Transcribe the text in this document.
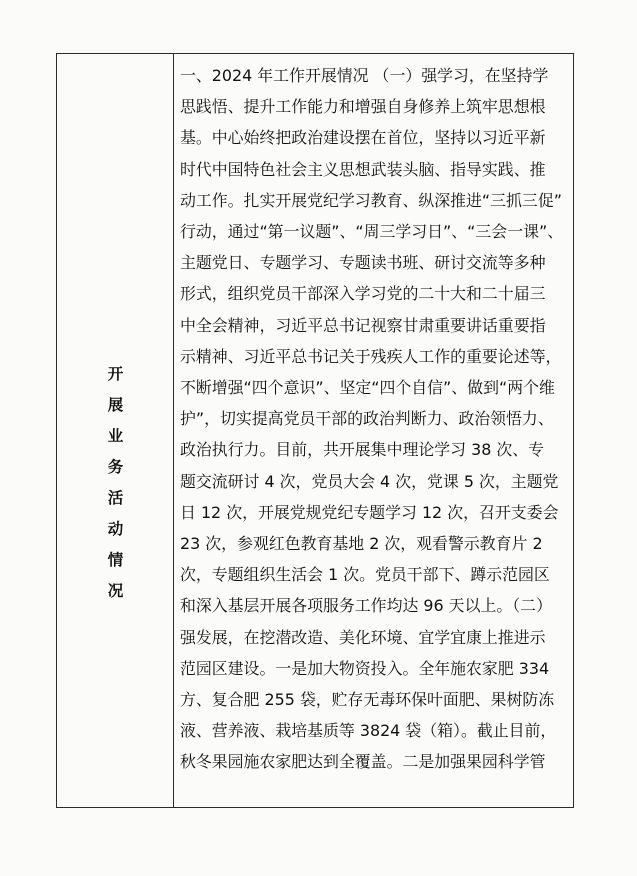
开
展
业
务
活
动
情
况
一、2024 年工作开展情况 （一）强学习，在坚持学
思践悟、提升工作能力和增强自身修养上筑牢思想根
基。中心始终把政治建设摆在首位，坚持以习近平新
时代中国特色社会主义思想武装头脑、指导实践、推
动工作。扎实开展党纪学习教育、纵深推进“三抓三促”
行动，通过“第一议题”、“周三学习日”、“三会一课”、
主题党日、专题学习、专题读书班、研讨交流等多种
形式，组织党员干部深入学习党的二十大和二十届三
中全会精神，习近平总书记视察甘肃重要讲话重要指
示精神、习近平总书记关于残疾人工作的重要论述等，
不断增强“四个意识”、坚定“四个自信”、做到“两个维
护”，切实提高党员干部的政治判断力、政治领悟力、
政治执行力。目前，共开展集中理论学习 38 次、专
题交流研讨 4 次，党员大会 4 次，党课 5 次，主题党
日 12 次，开展党规党纪专题学习 12 次，召开支委会
23 次，参观红色教育基地 2 次，观看警示教育片 2
次，专题组织生活会 1 次。党员干部下、蹲示范园区
和深入基层开展各项服务工作均达 96 天以上。（二）
强发展，在挖潜改造、美化环境、宜学宜康上推进示
范园区建设。一是加大物资投入。全年施农家肥 334
方、复合肥 255 袋，贮存无毒环保叶面肥、果树防冻
液、营养液、栽培基质等 3824 袋（箱）。截止目前，
秋冬果园施农家肥达到全覆盖。二是加强果园科学管
